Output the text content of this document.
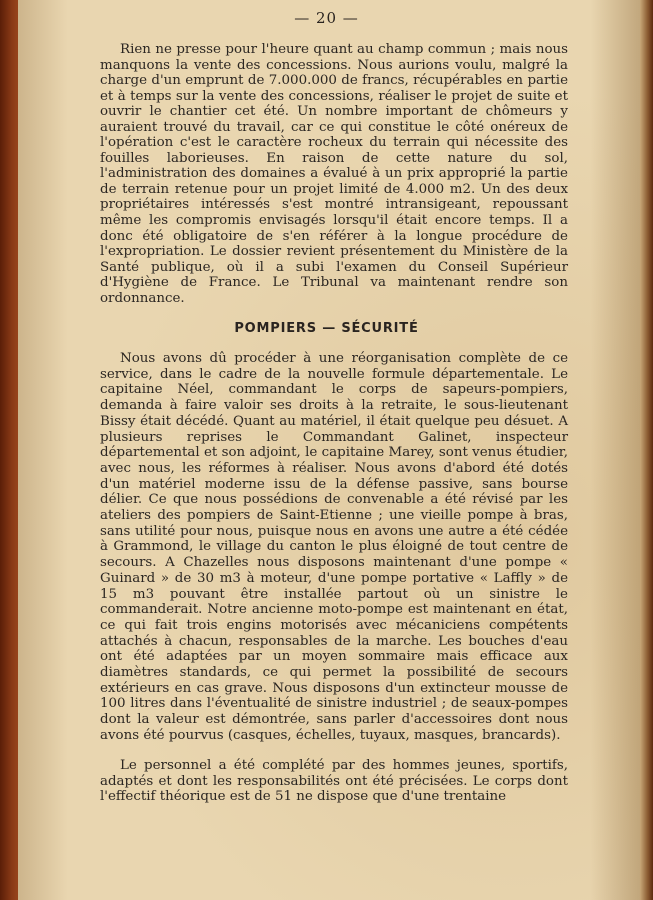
— 20 —

Rien ne presse pour l'heure quant au champ commun ; mais nous manquons la vente des concessions. Nous aurions voulu, malgré la charge d'un emprunt de 7.000.000 de francs, récupérables en partie et à temps sur la vente des concessions, réaliser le projet de suite et ouvrir le chantier cet été. Un nombre important de chômeurs y auraient trouvé du travail, car ce qui constitue le côté onéreux de l'opération c'est le caractère rocheux du terrain qui nécessite des fouilles laborieuses. En raison de cette nature du sol, l'administration des domaines a évalué à un prix approprié la partie de terrain retenue pour un projet limité de 4.000 m2. Un des deux propriétaires intéressés s'est montré intransigeant, repoussant même les compromis envisagés lorsqu'il était encore temps. Il a donc été obligatoire de s'en référer à la longue procédure de l'expropriation. Le dossier revient présentement du Ministère de la Santé publique, où il a subi l'examen du Conseil Supérieur d'Hygiène de France. Le Tribunal va maintenant rendre son ordonnance.

POMPIERS — SÉCURITÉ

Nous avons dû procéder à une réorganisation complète de ce service, dans le cadre de la nouvelle formule départementale. Le capitaine Néel, commandant le corps de sapeurs-pompiers, demanda à faire valoir ses droits à la retraite, le sous-lieutenant Bissy était décédé. Quant au matériel, il était quelque peu désuet. A plusieurs reprises le Commandant Galinet, inspecteur départemental et son adjoint, le capitaine Marey, sont venus étudier, avec nous, les réformes à réaliser. Nous avons d'abord été dotés d'un matériel moderne issu de la défense passive, sans bourse délier. Ce que nous possédions de convenable a été révisé par les ateliers des pompiers de Saint-Etienne ; une vieille pompe à bras, sans utilité pour nous, puisque nous en avons une autre a été cédée à Grammond, le village du canton le plus éloigné de tout centre de secours. A Chazelles nous disposons maintenant d'une pompe « Guinard » de 30 m3 à moteur, d'une pompe portative « Laffly » de 15 m3 pouvant être installée partout où un sinistre le commanderait. Notre ancienne moto-pompe est maintenant en état, ce qui fait trois engins motorisés avec mécaniciens compétents attachés à chacun, responsables de la marche. Les bouches d'eau ont été adaptées par un moyen sommaire mais efficace aux diamètres standards, ce qui permet la possibilité de secours extérieurs en cas grave. Nous disposons d'un extincteur mousse de 100 litres dans l'éventualité de sinistre industriel ; de seaux-pompes dont la valeur est démontrée, sans parler d'accessoires dont nous avons été pourvus (casques, échelles, tuyaux, masques, brancards).

Le personnel a été complété par des hommes jeunes, sportifs, adaptés et dont les responsabilités ont été précisées. Le corps dont l'effectif théorique est de 51 ne dispose que d'une trentaine
